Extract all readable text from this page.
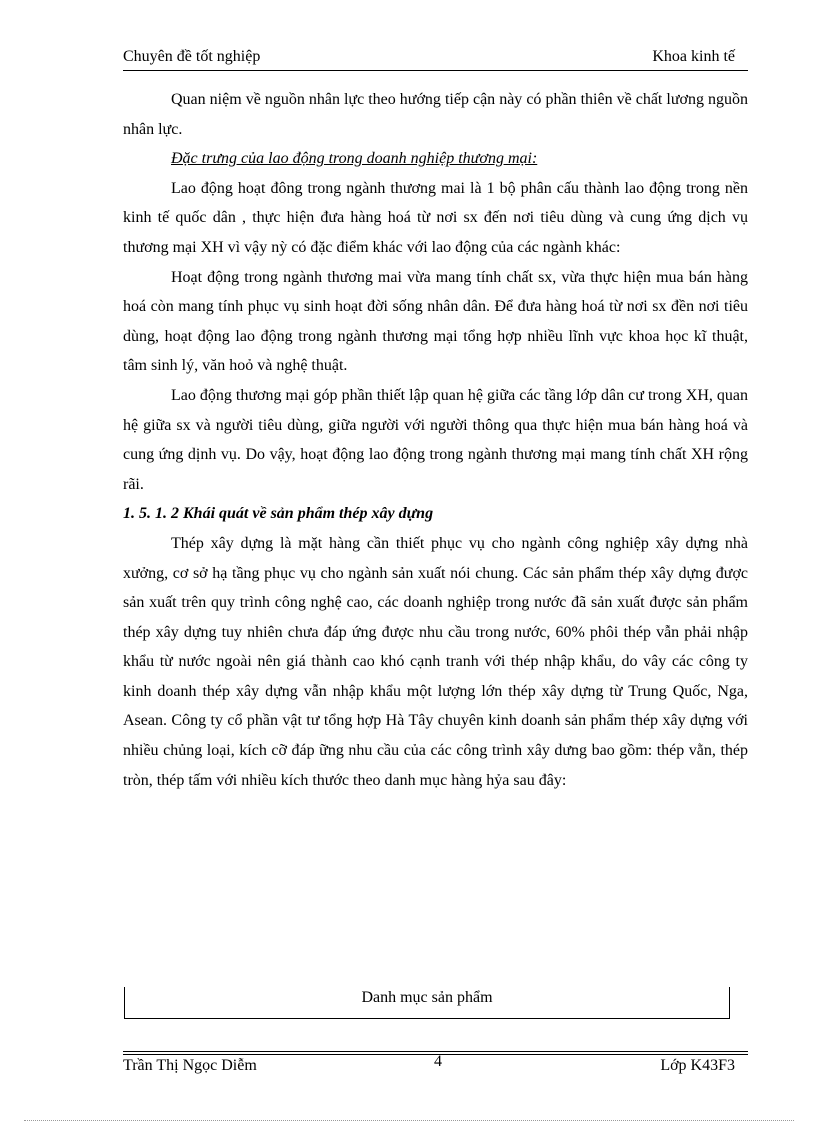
Chuyên đề tốt nghiệp	Khoa kinh tế

Quan niệm về nguồn nhân lực theo hướng tiếp cận này có phần thiên về chất lương nguồn nhân lực.

Đặc trưng của lao động trong doanh nghiệp thương mại:

Lao động hoạt đông trong ngành thương mai là 1 bộ phân cấu thành lao động trong nền kinh tế quốc dân , thực hiện đưa hàng hoá từ nơi sx đến nơi tiêu dùng và cung ứng dịch vụ thương mại XH vì vậy nỳ có đặc điểm khác với lao động của các ngành khác:

Hoạt động trong ngành thương mai vừa mang tính chất sx, vừa thực hiện mua bán hàng hoá còn mang tính phục vụ sinh hoạt đời sống nhân dân. Để đưa hàng hoá từ nơi sx đền nơi tiêu dùng, hoạt động lao động trong ngành thương mại tổng hợp nhiều lĩnh vực khoa học kĩ thuật, tâm sinh lý, văn hoỏ và nghệ thuật.

Lao động thương mại góp phần thiết lập quan hệ giữa các tầng lớp dân cư trong XH, quan hệ giữa sx và người tiêu dùng, giữa người với người thông qua thực hiện mua bán hàng hoá và cung ứng dịnh vụ. Do vậy, hoạt động lao động trong ngành thương mại mang tính chất XH rộng rãi.

1. 5. 1. 2 Khái quát về sản phẩm thép xây dựng

Thép xây dựng là mặt hàng cần thiết phục vụ cho ngành công nghiệp xây dựng nhà xưởng, cơ sở hạ tầng phục vụ cho ngành sản xuất nói chung. Các sản phẩm thép xây dựng được sản xuất trên quy trình công nghệ cao, các doanh nghiệp trong nước đã sản xuất được sản phẩm thép xây dựng tuy nhiên chưa đáp ứng được nhu cầu trong nước, 60% phôi thép vẫn phải nhập khẩu từ nước ngoài nên giá thành cao khó cạnh tranh với thép nhập khẩu, do vây các công ty kinh doanh thép xây dựng vẫn nhập khẩu một lượng lớn thép xây dựng từ Trung Quốc, Nga, Asean. Công ty cổ phần vật tư tổng hợp Hà Tây chuyên kinh doanh sản phẩm thép xây dựng với nhiều chủng loại, kích cỡ đáp ững nhu cầu của các công trình xây dưng bao gồm: thép vằn, thép tròn, thép tấm với nhiều kích thước theo danh mục hàng hỷa sau đây:

Danh mục sản phẩm
Trần Thị Ngọc Diễm	4	Lớp K43F3
